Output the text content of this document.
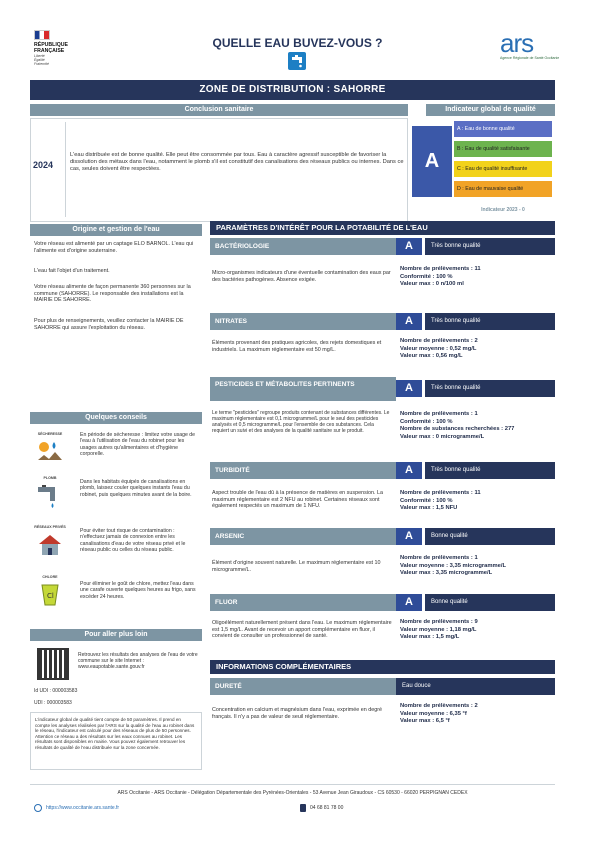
RÉPUBLIQUE
FRANÇAISE
Liberté
Égalité
Fraternité
QUELLE EAU BUVEZ-VOUS ?	ars
Agence Régionale de Santé Occitanie
ZONE DE DISTRIBUTION : SAHORRE
Conclusion sanitaire
2024
L'eau distribuée est de bonne qualité. Elle peut être consommée par tous. Eau à caractère agressif susceptible de favoriser la dissolution des métaux dans l'eau, notamment le plomb s'il est constitutif des canalisations des réseaux publics ou internes. Dans ce cas, seules doivent être respectées.	A
Indicateur global de qualité
A : Eau de bonne qualité
B : Eau de qualité satisfaisante
C : Eau de qualité insuffisante
D : Eau de mauvaise qualité
Indicateur 2023 - 0
Origine et gestion de l'eau
Votre réseau est alimenté par un captage ELO BARNOL. L'eau qui l'alimente est d'origine souterraine.
L'eau fait l'objet d'un traitement.
Votre réseau alimente de façon permanente 360 personnes sur la commune (SAHORRE). Le responsable des installations est la MAIRIE DE SAHORRE.
Pour plus de renseignements, veuillez contacter la MAIRIE DE SAHORRE qui assure l'exploitation du réseau.
Quelques conseils
SÉCHERESSE	En période de sécheresse : limitez votre usage de l'eau à l'utilisation de l'eau du robinet pour les usages autres qu'alimentaires et d'hygiène corporelle.
PLOMB
Dans les habitats équipés de canalisations en plomb, laissez couler quelques instants l'eau du robinet, puis quelques minutes avant de la boire.
RÉSEAUX PRIVÉS
Pour éviter tout risque de contamination : n'effectuez jamais de connexion entre les canalisations d'eau de votre réseau privé et le réseau public ou celles du réseau public.
CHLORE
Cl
Pour éliminer le goût de chlore, mettez l'eau dans une carafe ouverte quelques heures au frigo, sans excéder 24 heures.
Pour aller plus loin
Retrouvez les résultats des analyses de l'eau de votre commune sur le site Internet : www.eaupotable.sante.gouv.fr
Id UDI : 000003583
UDI : 000003583
L'indicateur global de qualité tient compte de 50 paramètres. Il prend en compte les analyses réalisées par l'ARS sur la qualité de l'eau au robinet dans le réseau, l'indicateur est calculé pour des réseaux de plus de 50 personnes. Attention ce réseau a des résultats sur les eaux connues au robinet. Les résultats sont disponibles en mairie. Vous pouvez également retrouver les résultats de qualité de l'eau distribuée sur la zone concernée.
PARAMÈTRES D'INTÉRÊT POUR LA POTABILITÉ DE L'EAU
BACTÉRIOLOGIE	A	Très bonne qualité
Micro-organismes indicateurs d'une éventuelle contamination des eaux par des bactéries pathogènes. Absence exigée.
Nombre de prélèvements : 11
Conformité : 100 %
Valeur max : 0 n/100 ml
NITRATES	A	Très bonne qualité
Éléments provenant des pratiques agricoles, des rejets domestiques et industriels. La maximum réglementaire est 50 mg/L.
Nombre de prélèvements : 2
Valeur moyenne : 0,52 mg/L
Valeur max : 0,56 mg/L
PESTICIDES ET MÉTABOLITES PERTINENTS	A	Très bonne qualité
Le terme "pesticides" regroupe produits contenant de substances différentes. Le maximum réglementaire est 0,1 microgramme/L pour le seul des pesticides analysés et 0,5 microgramme/L pour l'ensemble de ces substances. Cela requiert un suivi et des analyses de la qualité sanitaire sur le produit.
Nombre de prélèvements : 1
Conformité : 100 %
Nombre de substances recherchées : 277
Valeur max : 0 microgramme/L
TURBIDITÉ	A	Très bonne qualité
Aspect trouble de l'eau dû à la présence de matières en suspension. La maximum réglementaire est 2 NFU au robinet. Certaines réseaux sont également respectés un maximum de 1 NFU.
Nombre de prélèvements : 11
Conformité : 100 %
Valeur max : 1,5 NFU
ARSENIC	A	Bonne qualité
Élément d'origine souvent naturelle. Le maximum réglementaire est 10 microgramme/L.
Nombre de prélèvements : 1
Valeur moyenne : 3,35 microgramme/L
Valeur max : 3,35 microgramme/L
FLUOR	A	Bonne qualité
Oligoélément naturellement présent dans l'eau. Le maximum réglementaire est 1,5 mg/L. Avant de recevoir un apport complémentaire en fluor, il convient de consulter un professionnel de santé.
Nombre de prélèvements : 9
Valeur moyenne : 1,18 mg/L
Valeur max : 1,5 mg/L
INFORMATIONS COMPLÉMENTAIRES
DURETÉ	Eau douce
Concentration en calcium et magnésium dans l'eau, exprimée en degré français. Il n'y a pas de valeur de seuil réglementaire.
Nombre de prélèvements : 2
Valeur moyenne : 6,35 °f
Valeur max : 6,5 °f
ARS Occitanie - ARS Occitanie - Délégation Départementale des Pyrénées-Orientales - 53 Avenue Jean Giraudoux - CS 60530 - 66020 PERPIGNAN CEDEX
https://www.occitanie.ars.sante.fr	04 68 81 78 00
